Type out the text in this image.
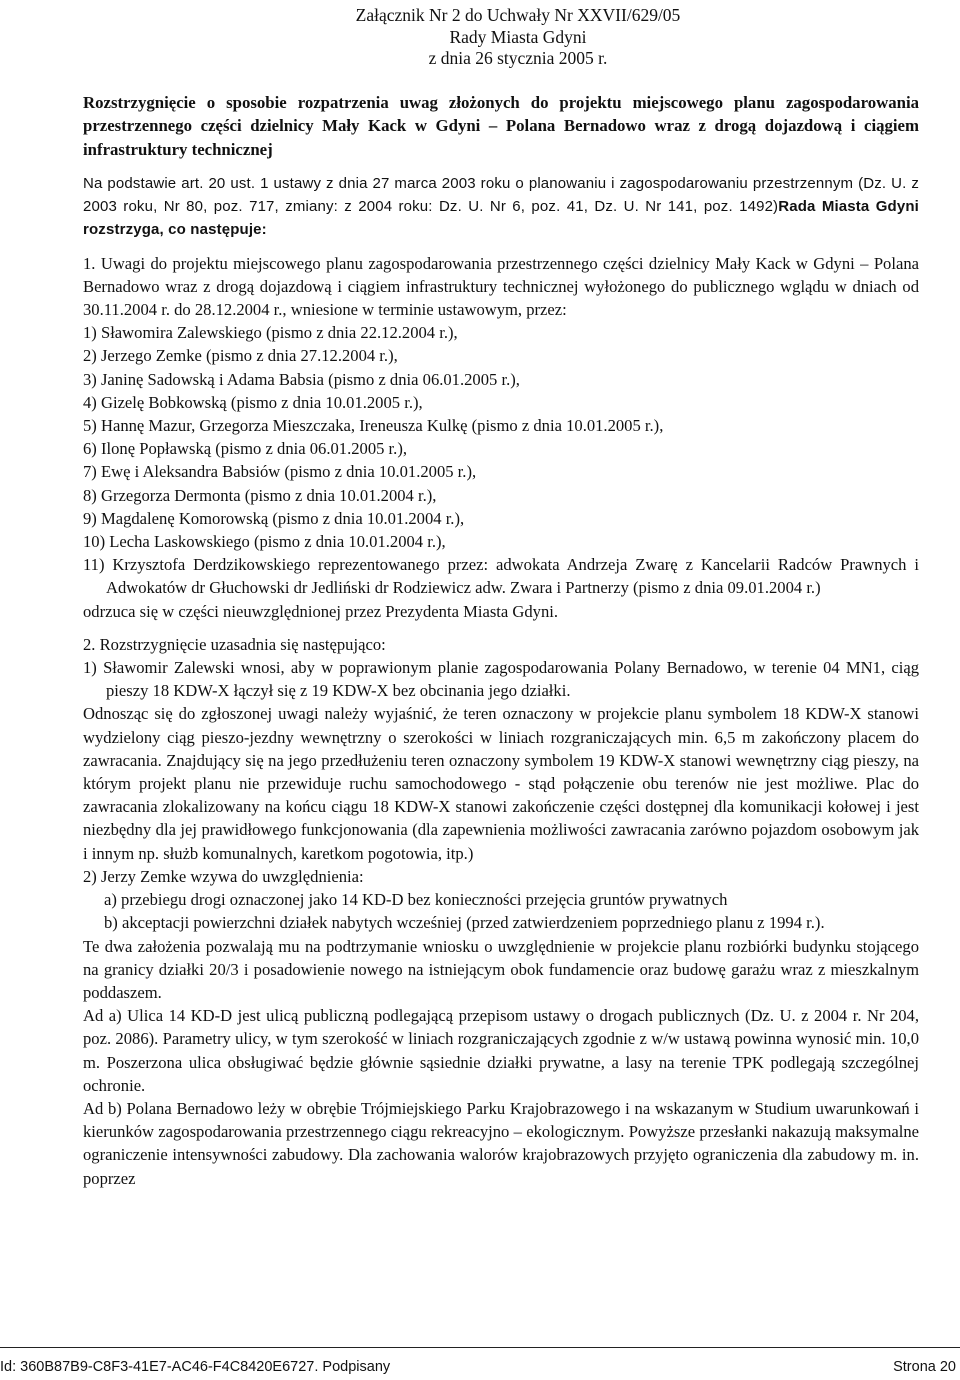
Załącznik Nr 2 do Uchwały Nr XXVII/629/05
Rady Miasta Gdyni
z dnia 26 stycznia 2005 r.
Rozstrzygnięcie o sposobie rozpatrzenia uwag złożonych do projektu miejscowego planu zagospodarowania przestrzennego części dzielnicy Mały Kack w Gdyni – Polana Bernadowo wraz z drogą dojazdową i ciągiem infrastruktury technicznej

Na podstawie art. 20 ust. 1 ustawy z dnia 27 marca 2003 roku o planowaniu i zagospodarowaniu przestrzennym (Dz. U. z 2003 roku, Nr 80, poz. 717, zmiany: z 2004 roku: Dz. U. Nr 6, poz. 41, Dz. U. Nr 141, poz. 1492)Rada Miasta Gdyni rozstrzyga, co następuje:

1. Uwagi do projektu miejscowego planu zagospodarowania przestrzennego części dzielnicy Mały Kack w Gdyni – Polana Bernadowo wraz z drogą dojazdową i ciągiem infrastruktury technicznej wyłożonego do publicznego wglądu w dniach od 30.11.2004 r. do 28.12.2004 r., wniesione w terminie ustawowym, przez:

1) Sławomira Zalewskiego (pismo z dnia 22.12.2004 r.),

2) Jerzego Zemke (pismo z dnia 27.12.2004 r.),

3) Janinę Sadowską i Adama Babsia (pismo z dnia 06.01.2005 r.),

4) Gizelę Bobkowską (pismo z dnia 10.01.2005 r.),

5) Hannę Mazur, Grzegorza Mieszczaka, Ireneusza Kulkę (pismo z dnia 10.01.2005 r.),

6) Ilonę Popławską (pismo z dnia 06.01.2005 r.),

7) Ewę i Aleksandra Babsiów (pismo z dnia 10.01.2005 r.),

8) Grzegorza Dermonta (pismo z dnia 10.01.2004 r.),

9) Magdalenę Komorowską (pismo z dnia 10.01.2004 r.),

10) Lecha Laskowskiego (pismo z dnia 10.01.2004 r.),

11) Krzysztofa Derdzikowskiego reprezentowanego przez: adwokata Andrzeja Zwarę z Kancelarii Radców Prawnych i Adwokatów dr Głuchowski dr Jedliński dr Rodziewicz adw. Zwara i Partnerzy (pismo z dnia 09.01.2004 r.)

odrzuca się w części nieuwzględnionej przez Prezydenta Miasta Gdyni.

2. Rozstrzygnięcie uzasadnia się następująco:

1) Sławomir Zalewski wnosi, aby w poprawionym planie zagospodarowania Polany Bernadowo, w terenie 04 MN1, ciąg pieszy 18 KDW-X łączył się z 19 KDW-X bez obcinania jego działki.

Odnosząc się do zgłoszonej uwagi należy wyjaśnić, że teren oznaczony w projekcie planu symbolem 18 KDW-X stanowi wydzielony ciąg pieszo-jezdny wewnętrzny o szerokości w liniach rozgraniczających min. 6,5 m zakończony placem do zawracania. Znajdujący się na jego przedłużeniu teren oznaczony symbolem 19 KDW-X stanowi wewnętrzny ciąg pieszy, na którym projekt planu nie przewiduje ruchu samochodowego - stąd połączenie obu terenów nie jest możliwe. Plac do zawracania zlokalizowany na końcu ciągu 18 KDW-X stanowi zakończenie części dostępnej dla komunikacji kołowej i jest niezbędny dla jej prawidłowego funkcjonowania (dla zapewnienia możliwości zawracania zarówno pojazdom osobowym jak i innym np. służb komunalnych, karetkom pogotowia, itp.)

2) Jerzy Zemke wzywa do uwzględnienia:

a) przebiegu drogi oznaczonej jako 14 KD-D bez konieczności przejęcia gruntów prywatnych

b) akceptacji powierzchni działek nabytych wcześniej (przed zatwierdzeniem poprzedniego planu z 1994 r.).

Te dwa założenia pozwalają mu na podtrzymanie wniosku o uwzględnienie w projekcie planu rozbiórki budynku stojącego na granicy działki 20/3 i posadowienie nowego na istniejącym obok fundamencie oraz budowę garażu wraz z mieszkalnym poddaszem.

Ad a) Ulica 14 KD-D jest ulicą publiczną podlegającą przepisom ustawy o drogach publicznych (Dz. U. z 2004 r. Nr 204, poz. 2086). Parametry ulicy, w tym szerokość w liniach rozgraniczających zgodnie z w/w ustawą powinna wynosić min. 10,0 m. Poszerzona ulica obsługiwać będzie głównie sąsiednie działki prywatne, a lasy na terenie TPK podlegają szczególnej ochronie.

Ad b) Polana Bernadowo leży w obrębie Trójmiejskiego Parku Krajobrazowego i na wskazanym w Studium uwarunkowań i kierunków zagospodarowania przestrzennego ciągu rekreacyjno – ekologicznym. Powyższe przesłanki nakazują maksymalne ograniczenie intensywności zabudowy. Dla zachowania walorów krajobrazowych przyjęto ograniczenia dla zabudowy m. in. poprzez

Id: 360B87B9-C8F3-41E7-AC46-F4C8420E6727. Podpisany	Strona 20
